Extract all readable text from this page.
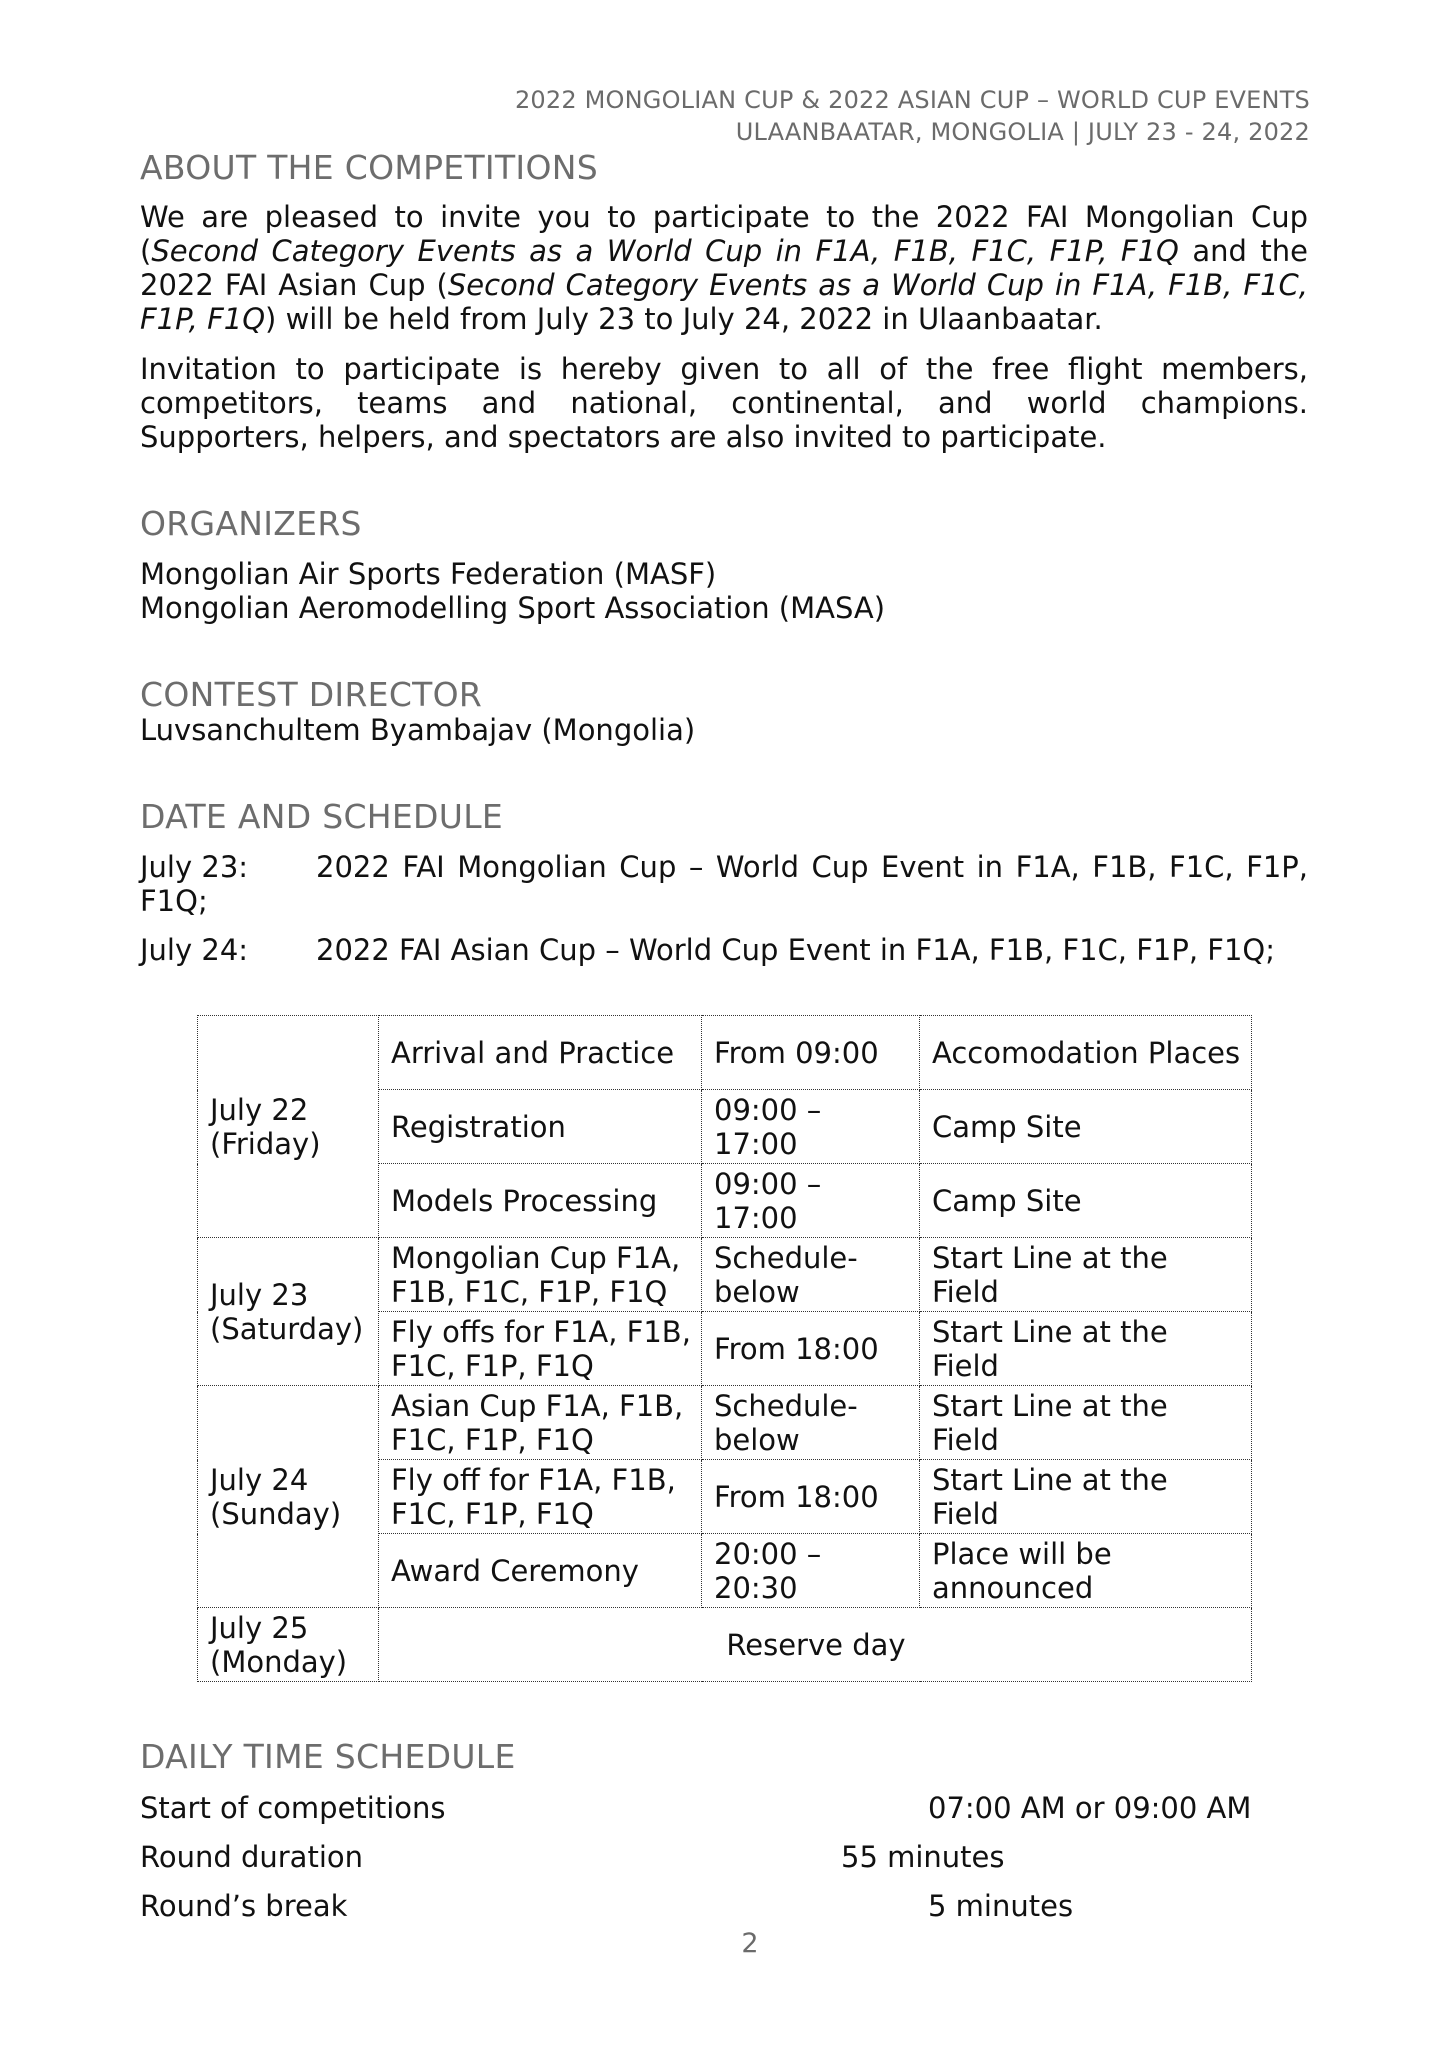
2022 MONGOLIAN CUP & 2022 ASIAN CUP – WORLD CUP EVENTS
ULAANBAATAR, MONGOLIA | JULY 23 - 24, 2022
ABOUT THE COMPETITIONS
We are pleased to invite you to participate to the 2022 FAI Mongolian Cup (Second Category Events as a World Cup in F1A, F1B, F1C, F1P, F1Q and the 2022 FAI Asian Cup (Second Category Events as a World Cup in F1A, F1B, F1C, F1P, F1Q) will be held from July 23 to July 24, 2022 in Ulaanbaatar.
Invitation to participate is hereby given to all of the free flight members,
competitors, teams and national, continental, and world champions.
Supporters, helpers, and spectators are also invited to participate.
ORGANIZERS
Mongolian Air Sports Federation (MASF)
Mongolian Aeromodelling Sport Association (MASA)
CONTEST DIRECTOR
Luvsanchultem Byambajav (Mongolia)
DATE AND SCHEDULE
July 23:	2022 FAI Mongolian Cup – World Cup Event in F1A, F1B, F1C, F1P,
F1Q;
July 24: 2022 FAI Asian Cup – World Cup Event in F1A, F1B, F1C, F1P, F1Q;
July 22 (Friday)	Arrival and Practice	From 09:00	Accomodation Places
	Registration	09:00 – 17:00	Camp Site
	Models Processing	09:00 – 17:00	Camp Site
July 23 (Saturday)	Mongolian Cup F1A, F1B, F1C, F1P, F1Q	Schedule- below	Start Line at the Field
	Fly offs for F1A, F1B, F1C, F1P, F1Q	From 18:00	Start Line at the Field
July 24 (Sunday)	Asian Cup F1A, F1B, F1C, F1P, F1Q	Schedule- below	Start Line at the Field
	Fly off for F1A, F1B, F1C, F1P, F1Q	From 18:00	Start Line at the Field
	Award Ceremony	20:00 – 20:30	Place will be announced
July 25 (Monday)	Reserve day		
DAILY TIME SCHEDULE
Start of competitions	07:00 AM or 09:00 AM
Round duration	55 minutes
Round’s break	5 minutes
2
